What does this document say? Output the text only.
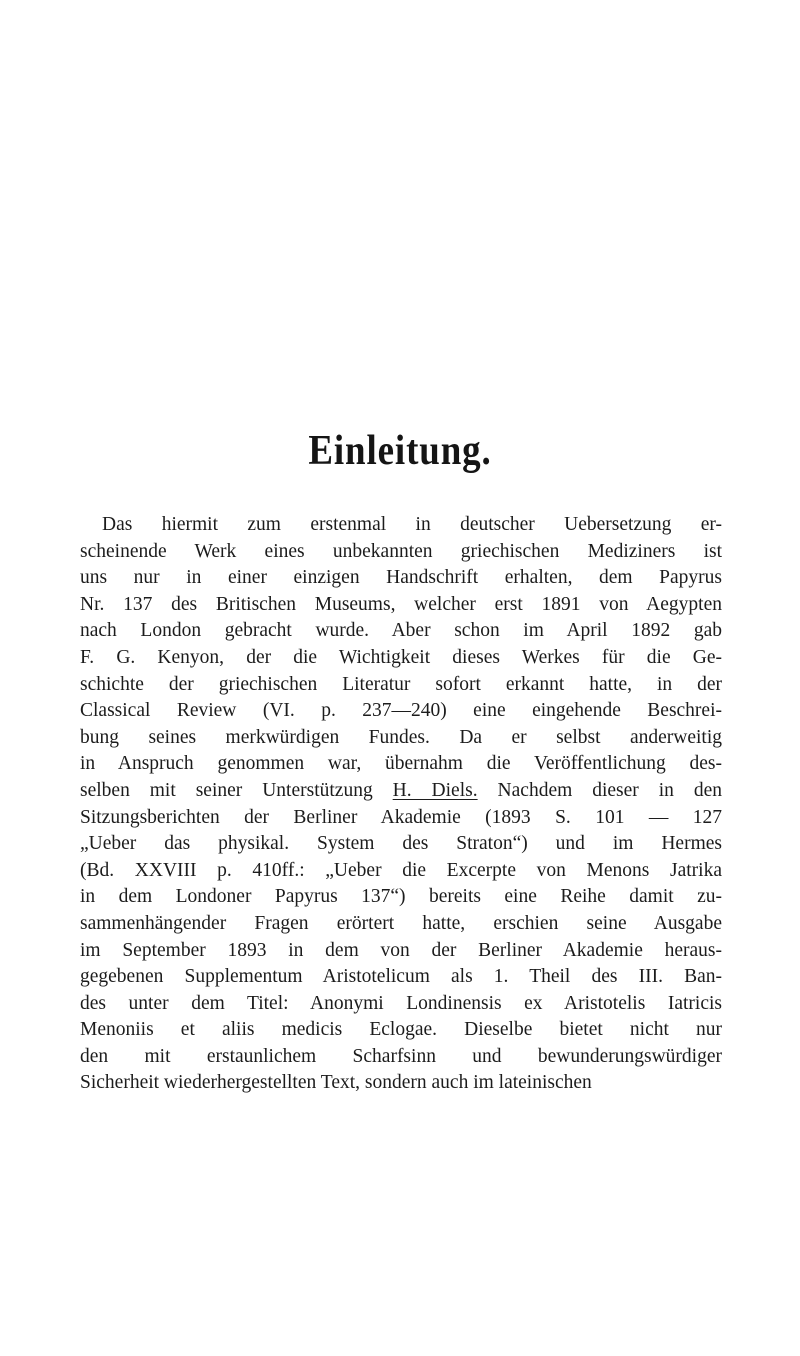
Einleitung.
Das hiermit zum erstenmal in deutscher Uebersetzung er-
scheinende Werk eines unbekannten griechischen Mediziners ist
uns nur in einer einzigen Handschrift erhalten, dem Papyrus
Nr. 137 des Britischen Museums, welcher erst 1891 von Aegypten
nach London gebracht wurde. Aber schon im April 1892 gab
F. G. Kenyon, der die Wichtigkeit dieses Werkes für die Ge-
schichte der griechischen Literatur sofort erkannt hatte, in der
Classical Review (VI. p. 237—240) eine eingehende Beschrei-
bung seines merkwürdigen Fundes. Da er selbst anderweitig
in Anspruch genommen war, übernahm die Veröffentlichung des-
selben mit seiner Unterstützung H. Diels. Nachdem dieser in den
Sitzungsberichten der Berliner Akademie (1893 S. 101 — 127
„Ueber das physikal. System des Straton“) und im Hermes
(Bd. XXVIII p. 410ff.: „Ueber die Excerpte von Menons Jatrika
in dem Londoner Papyrus 137“) bereits eine Reihe damit zu-
sammenhängender Fragen erörtert hatte, erschien seine Ausgabe
im September 1893 in dem von der Berliner Akademie heraus-
gegebenen Supplementum Aristotelicum als 1. Theil des III. Ban-
des unter dem Titel: Anonymi Londinensis ex Aristotelis Iatricis
Menoniis et aliis medicis Eclogae. Dieselbe bietet nicht nur
den mit erstaunlichem Scharfsinn und bewunderungswürdiger
Sicherheit wiederhergestellten Text, sondern auch im lateinischen
